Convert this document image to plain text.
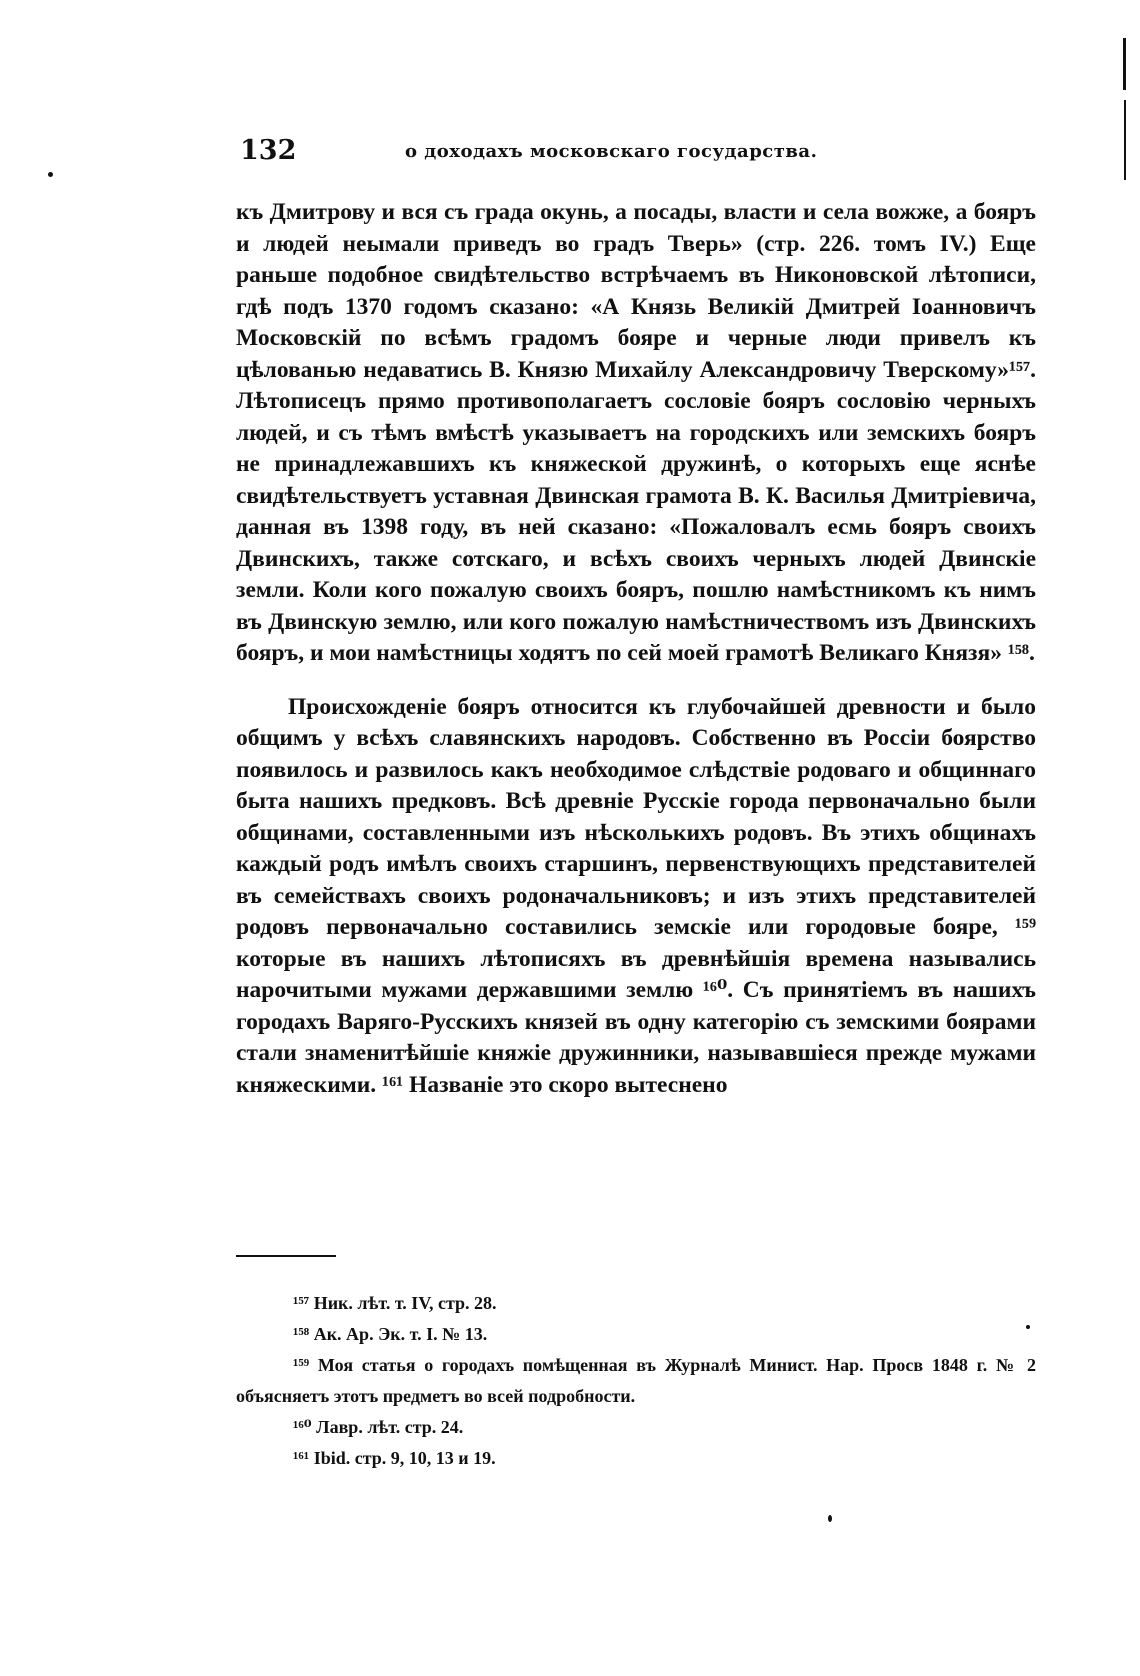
132	о доходахъ московскаго государства.

къ Дмитрову и вся съ града окунь, а посады, власти и села вожже, а бояръ и людей неымали приведъ во градъ Тверь» (стр. 226. томъ IV.) Еще раньше подобное свидѣтельство встрѣчаемъ въ Никоновской лѣтописи, гдѣ подъ 1370 годомъ сказано: «А Князь Великій Дмитрей Іоанновичъ Московскій по всѣмъ градомъ бояре и черные люди привелъ къ цѣлованью недаватись В. Князю Михайлу Александровичу Тверскому»¹⁵⁷. Лѣтописецъ прямо противополагаетъ сословіе бояръ сословію черныхъ людей, и съ тѣмъ вмѣстѣ указываетъ на городскихъ или земскихъ бояръ не принадлежавшихъ къ княжеской дружинѣ, о которыхъ еще яснѣе свидѣтельствуетъ уставная Двинская грамота В. К. Василья Дмитріевича, данная въ 1398 году, въ ней сказано: «Пожаловалъ есмь бояръ своихъ Двинскихъ, также сотскаго, и всѣхъ своихъ черныхъ людей Двинскіе земли. Коли кого пожалую своихъ бояръ, пошлю намѣстникомъ къ нимъ въ Двинскую землю, или кого пожалую намѣстничествомъ изъ Двинскихъ бояръ, и мои намѣстницы ходятъ по сей моей грамотѣ Великаго Князя» ¹⁵⁸.

Происхожденіе бояръ относится къ глубочайшей древности и было общимъ у всѣхъ славянскихъ народовъ. Собственно въ Россіи боярство появилось и развилось какъ необходимое слѣдствіе родоваго и общиннаго быта нашихъ предковъ. Всѣ древніе Русскіе города первоначально были общинами, составленными изъ нѣсколькихъ родовъ. Въ этихъ общинахъ каждый родъ имѣлъ своихъ старшинъ, первенствующихъ представителей въ семействахъ своихъ родоначальниковъ; и изъ этихъ представителей родовъ первоначально составились земскіе или городовые бояре, ¹⁵⁹ которые въ нашихъ лѣтописяхъ въ древнѣйшія времена назывались нарочитыми мужами державшими землю ¹⁶⁰. Съ принятіемъ въ нашихъ городахъ Варяго-Русскихъ князей въ одну категорію съ земскими боярами стали знаменитѣйшіе княжіе дружинники, называвшіеся прежде мужами княжескими. ¹⁶¹ Названіе это скоро вытеснено

¹⁵⁷ Ник. лѣт. т. IV, стр. 28.

¹⁵⁸ Ак. Ар. Эк. т. I. № 13.

¹⁵⁹ Моя статья о городахъ помѣщенная въ Журналѣ Минист. Нар. Просв 1848 г. № 2 объясняетъ этотъ предметъ во всей подробности.

¹⁶⁰ Лавр. лѣт. стр. 24.

¹⁶¹ Ibid. стр. 9, 10, 13 и 19.
